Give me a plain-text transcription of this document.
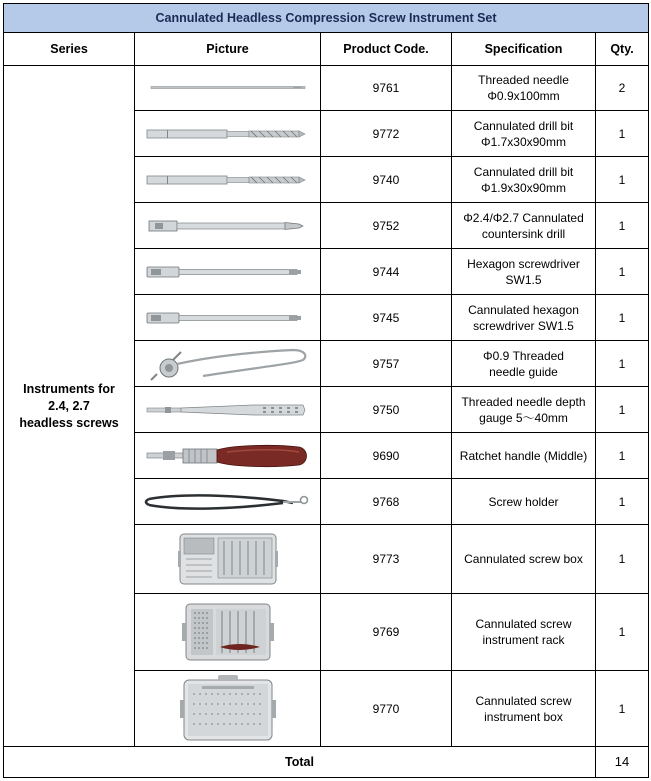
Cannulated Headless Compression Screw Instrument Set				
Series	Picture	Product Code.	Specification	Qty.
Instruments for
2.4, 2.7
headless screws		9761	Threaded needle
Φ0.9x100mm	2

	9772	Cannulated drill bit
Φ1.7x30x90mm	1

	9740	Cannulated drill bit
Φ1.9x30x90mm	1

	9752	Φ2.4/Φ2.7 Cannulated
countersink drill	1

	9744	Hexagon screwdriver
SW1.5	1

	9745	Cannulated hexagon
screwdriver SW1.5	1

	9757	Φ0.9 Threaded
needle guide	1

	9750	Threaded needle depth
gauge 5～40mm	1

	9690	Ratchet handle (Middle)	1

	9768	Screw holder	1

	9773	Cannulated screw box	1

	9769	Cannulated screw
instrument rack	1

	9770	Cannulated screw
instrument box	1
Total				14
